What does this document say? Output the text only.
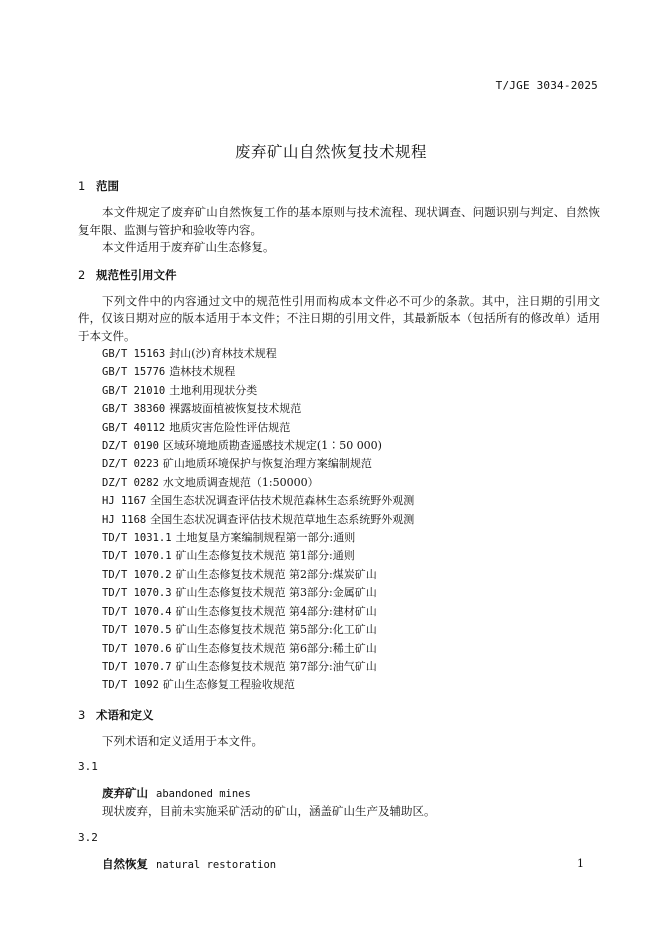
T/JGE 3034-2025
废弃矿山自然恢复技术规程
1 范围
本文件规定了废弃矿山自然恢复工作的基本原则与技术流程、现状调查、问题识别与判定、自然恢复年限、监测与管护和验收等内容。
本文件适用于废弃矿山生态修复。
2 规范性引用文件
下列文件中的内容通过文中的规范性引用而构成本文件必不可少的条款。其中，注日期的引用文件，仅该日期对应的版本适用于本文件；不注日期的引用文件，其最新版本（包括所有的修改单）适用于本文件。
GB/T 15163 封山(沙)育林技术规程
GB/T 15776 造林技术规程
GB/T 21010 土地利用现状分类
GB/T 38360 裸露坡面植被恢复技术规范
GB/T 40112 地质灾害危险性评估规范
DZ/T 0190 区域环境地质勘查遥感技术规定(1∶50 000)
DZ/T 0223 矿山地质环境保护与恢复治理方案编制规范
DZ/T 0282 水文地质调查规范（1:50000）
HJ 1167 全国生态状况调查评估技术规范森林生态系统野外观测
HJ 1168 全国生态状况调查评估技术规范草地生态系统野外观测
TD/T 1031.1 土地复垦方案编制规程第一部分:通则
TD/T 1070.1 矿山生态修复技术规范 第1部分:通则
TD/T 1070.2 矿山生态修复技术规范 第2部分:煤炭矿山
TD/T 1070.3 矿山生态修复技术规范 第3部分:金属矿山
TD/T 1070.4 矿山生态修复技术规范 第4部分:建材矿山
TD/T 1070.5 矿山生态修复技术规范 第5部分:化工矿山
TD/T 1070.6 矿山生态修复技术规范 第6部分:稀土矿山
TD/T 1070.7 矿山生态修复技术规范 第7部分:油气矿山
TD/T 1092 矿山生态修复工程验收规范
3 术语和定义
下列术语和定义适用于本文件。
3.1
废弃矿山 abandoned mines
现状废弃，目前未实施采矿活动的矿山，涵盖矿山生产及辅助区。
3.2
自然恢复 natural restoration	1
